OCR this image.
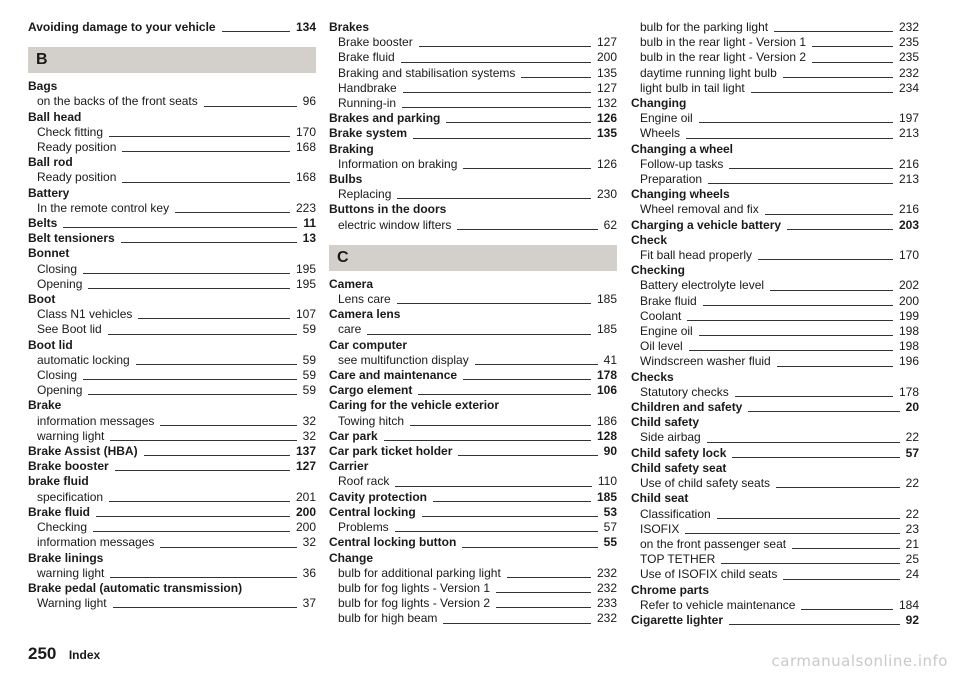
Avoiding damage to your vehicle	134
B
Bags
on the backs of the front seats	96
Ball head
Check fitting	170
Ready position	168
Ball rod
Ready position	168
Battery
In the remote control key	223
Belts	11
Belt tensioners	13
Bonnet
Closing	195
Opening	195
Boot
Class N1 vehicles	107
See Boot lid	59
Boot lid
automatic locking	59
Closing	59
Opening	59
Brake
information messages	32
warning light	32
Brake Assist (HBA)	137
Brake booster	127
brake fluid
specification	201
Brake fluid	200
Checking	200
information messages	32
Brake linings
warning light	36
Brake pedal (automatic transmission)
Warning light	37
Brakes
Brake booster	127
Brake fluid	200
Braking and stabilisation systems	135
Handbrake	127
Running-in	132
Brakes and parking	126
Brake system	135
Braking
Information on braking	126
Bulbs
Replacing	230
Buttons in the doors
electric window lifters	62
C
Camera
Lens care	185
Camera lens
care	185
Car computer
see multifunction display	41
Care and maintenance	178
Cargo element	106
Caring for the vehicle exterior
Towing hitch	186
Car park	128
Car park ticket holder	90
Carrier
Roof rack	110
Cavity protection	185
Central locking	53
Problems	57
Central locking button	55
Change
bulb for additional parking light	232
bulb for fog lights - Version 1	232
bulb for fog lights - Version 2	233
bulb for high beam	232
bulb for the parking light	232
bulb in the rear light - Version 1	235
bulb in the rear light - Version 2	235
daytime running light bulb	232
light bulb in tail light	234
Changing
Engine oil	197
Wheels	213
Changing a wheel
Follow-up tasks	216
Preparation	213
Changing wheels
Wheel removal and fix	216
Charging a vehicle battery	203
Check
Fit ball head properly	170
Checking
Battery electrolyte level	202
Brake fluid	200
Coolant	199
Engine oil	198
Oil level	198
Windscreen washer fluid	196
Checks
Statutory checks	178
Children and safety	20
Child safety
Side airbag	22
Child safety lock	57
Child safety seat
Use of child safety seats	22
Child seat
Classification	22
ISOFIX	23
on the front passenger seat	21
TOP TETHER	25
Use of ISOFIX child seats	24
Chrome parts
Refer to vehicle maintenance	184
Cigarette lighter	92
250 Index	carmanualsonline.info
